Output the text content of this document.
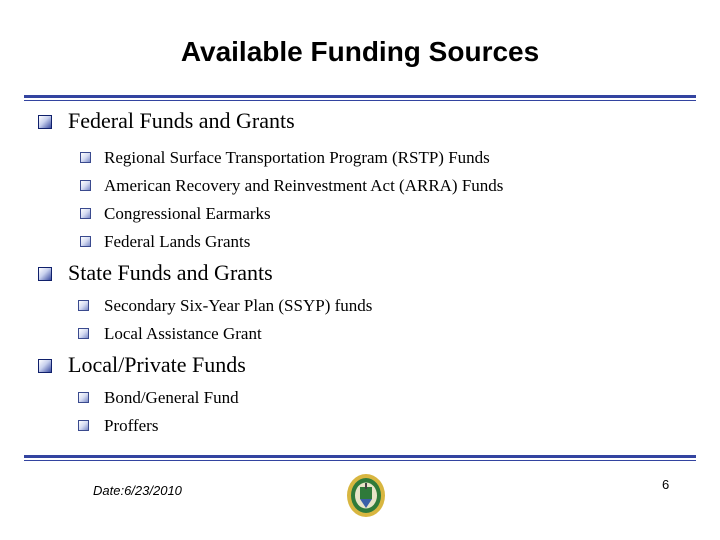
Available Funding Sources
Federal Funds and Grants
Regional Surface Transportation Program (RSTP) Funds
American Recovery and Reinvestment Act (ARRA) Funds
Congressional Earmarks
Federal Lands Grants
State Funds and Grants
Secondary Six-Year Plan (SSYP) funds
Local Assistance Grant
Local/Private Funds
Bond/General Fund
Proffers
Date:6/23/2010	6
